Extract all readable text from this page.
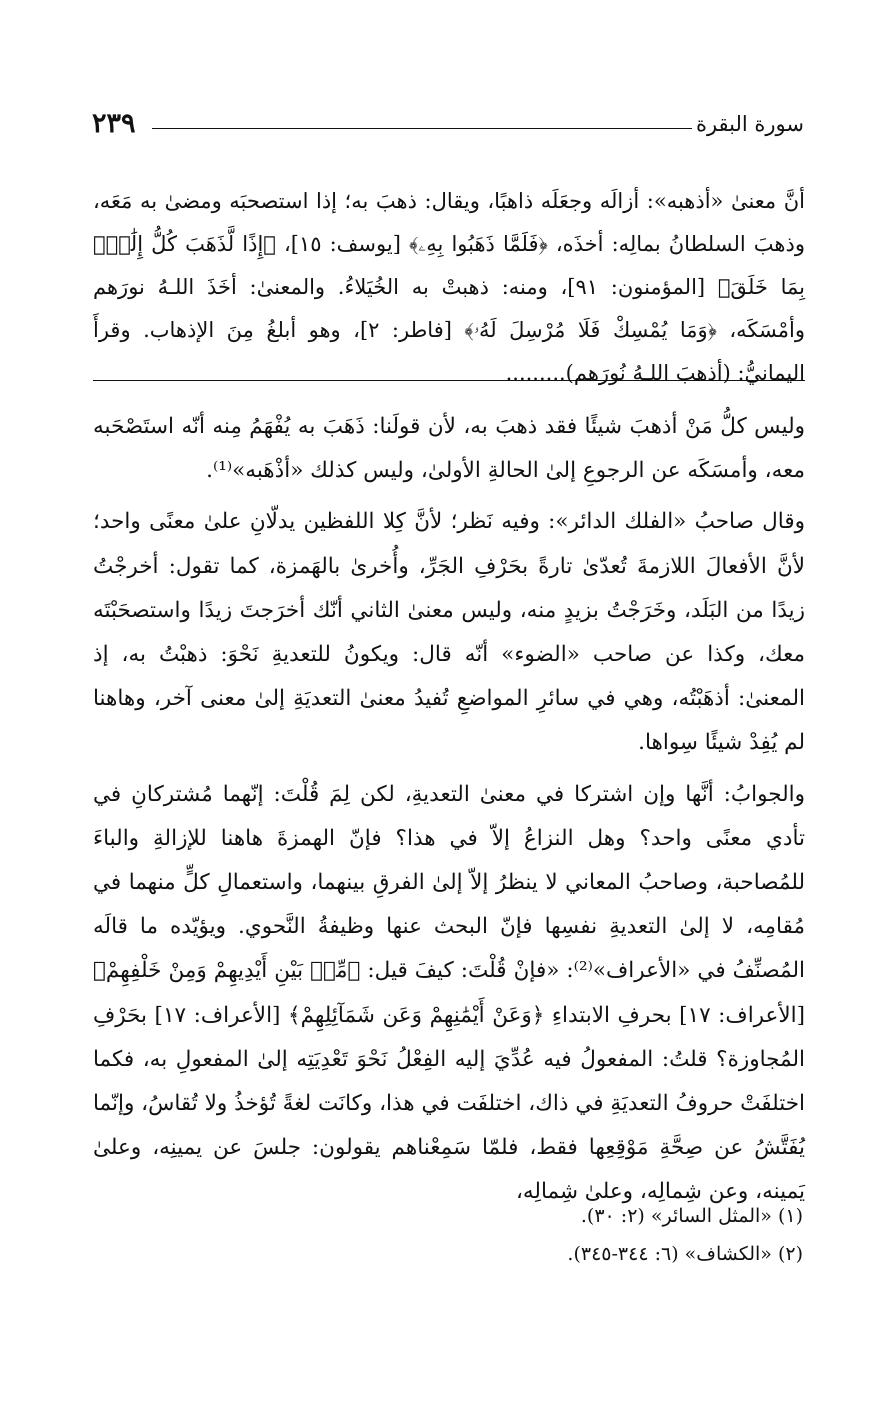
٢٣٩	سورة البقرة
أنَّ معنىٰ «أذهبه»: أزالَه وجعَلَه ذاهبًا، ويقال: ذهبَ به؛ إذا استصحبَه ومضىٰ به مَعَه، وذهبَ السلطانُ بمالِه: أخذَه، ﴿فَلَمَّا ذَهَبُوا بِهِۦ﴾ [يوسف: ١٥]، ﴿إِذًا لَّذَهَبَ كُلُّ إِلَٰهِۭ بِمَا خَلَقَ﴾ [المؤمنون: ٩١]، ومنه: ذهبتْ به الخُيَلاءُ. والمعنىٰ: أخَذَ اللـهُ نورَهم وأمْسَكَه، ﴿وَمَا يُمْسِكْ فَلَا مُرْسِلَ لَهُۥ﴾ [فاطر: ٢]، وهو أبلغُ مِنَ الإذهاب. وقرأَ اليمانيُّ: (أذهبَ اللـهُ نُورَهم).........

وليس كلُّ مَنْ أذهبَ شيئًا فقد ذهبَ به، لأن قولَنا: ذَهَبَ به يُفْهَمُ مِنه أنّه استَصْحَبه معه، وأمسَكَه عن الرجوعِ إلىٰ الحالةِ الأولىٰ، وليس كذلك «أذْهَبه»⁽¹⁾.

وقال صاحبُ «الفلك الدائر»: وفيه نَظر؛ لأنَّ كِلا اللفظين يدلّانِ علىٰ معنًى واحد؛ لأنَّ الأفعالَ اللازمةَ تُعدّىٰ تارةً بحَرْفِ الجَرِّ، وأُخرىٰ بالهَمزة، كما تقول: أخرجْتُ زيدًا من البَلَد، وخَرَجْتُ بزيدٍ منه، وليس معنىٰ الثاني أنّك أخرَجتَ زيدًا واستصحَبْتَه معك، وكذا عن صاحب «الضوء» أنّه قال: ويكونُ للتعديةِ نَحْوَ: ذهبْتُ به، إذ المعنىٰ: أذهَبْتُه، وهي في سائرِ المواضعِ تُفيدُ معنىٰ التعديَةِ إلىٰ معنى آخر، وهاهنا لم يُفِدْ شيئًا سِواها.

والجوابُ: أنَّها وإن اشتركا في معنىٰ التعديةِ، لكن لِمَ قُلْتَ: إنّهما مُشتركانِ في تأدي معنًى واحد؟ وهل النزاعُ إلاّ في هذا؟ فإنّ الهمزةَ هاهنا للإزالةِ والباءَ للمُصاحبة، وصاحبُ المعاني لا ينظرُ إلاّ إلىٰ الفرقِ بينهما، واستعمالِ كلٍّ منهما في مُقامِه، لا إلىٰ التعديةِ نفسِها فإنّ البحث عنها وظيفةُ النَّحوي. ويؤيّده ما قالَه المُصنِّفُ في «الأعراف»⁽²⁾: «فإنْ قُلْتَ: كيفَ قيل: ﴿مِّنۢ بَيْنِ أَيْدِيهِمْ وَمِنْ خَلْفِهِمْ﴾ [الأعراف: ١٧] بحرفِ الابتداءِ ﴿وَعَنْ أَيْمَٰنِهِمْ وَعَن شَمَآئِلِهِمْ﴾ [الأعراف: ١٧] بحَرْفِ المُجاوزة؟ قلتُ: المفعولُ فيه عُدِّيَ إليه الفِعْلُ نَحْوَ تَعْدِيَتِه إلىٰ المفعولِ به، فكما اختلفَتْ حروفُ التعديَةِ في ذاك، اختلفَت في هذا، وكانَت لغةً تُؤخذُ ولا تُقاسُ، وإنّما يُفَتَّشُ عن صِحَّةِ مَوْقِعِها فقط، فلمّا سَمِعْناهم يقولون: جلسَ عن يمينِه، وعلىٰ يَمينه، وعن شِمالِه، وعلىٰ شِمالِه،

(١) «المثل السائر» (٢: ٣٠).
(٢) «الكشاف» (٦: ٣٤٤-٣٤٥).
